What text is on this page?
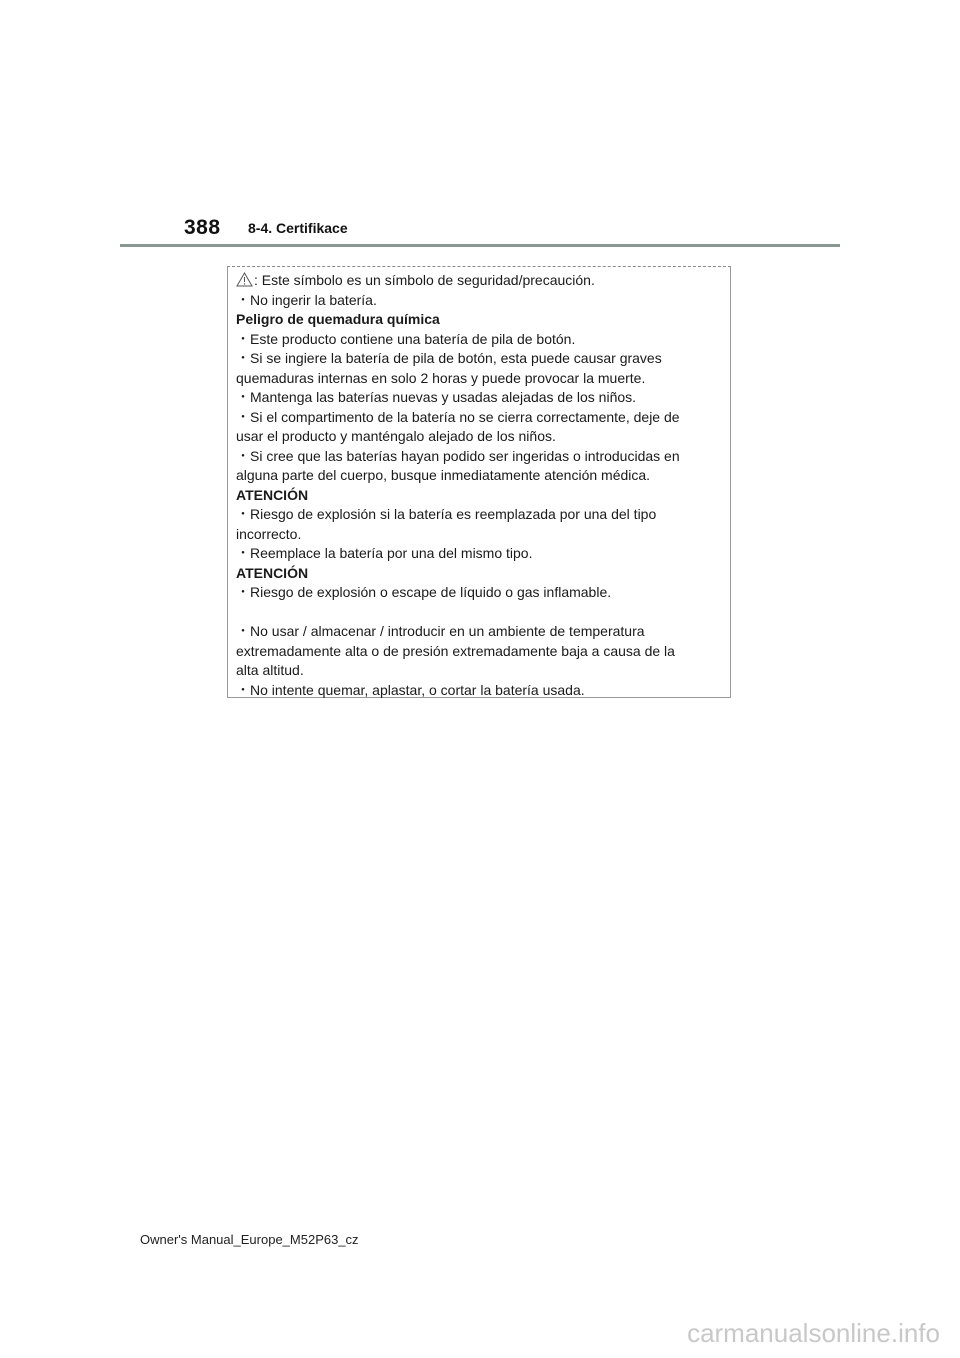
388 8-4. Certifikace
: Este símbolo es un símbolo de seguridad/precaución.
・No ingerir la batería.
Peligro de quemadura química
・Este producto contiene una batería de pila de botón.
・Si se ingiere la batería de pila de botón, esta puede causar graves
quemaduras internas en solo 2 horas y puede provocar la muerte.
・Mantenga las baterías nuevas y usadas alejadas de los niños.
・Si el compartimento de la batería no se cierra correctamente, deje de
usar el producto y manténgalo alejado de los niños.
・Si cree que las baterías hayan podido ser ingeridas o introducidas en
alguna parte del cuerpo, busque inmediatamente atención médica.
ATENCIÓN
・Riesgo de explosión si la batería es reemplazada por una del tipo
incorrecto.
・Reemplace la batería por una del mismo tipo.
ATENCIÓN
・Riesgo de explosión o escape de líquido o gas inflamable.
・No usar / almacenar / introducir en un ambiente de temperatura
extremadamente alta o de presión extremadamente baja a causa de la
alta altitud.
・No intente quemar, aplastar, o cortar la batería usada.
Owner's Manual_Europe_M52P63_cz
carmanualsonline.info
